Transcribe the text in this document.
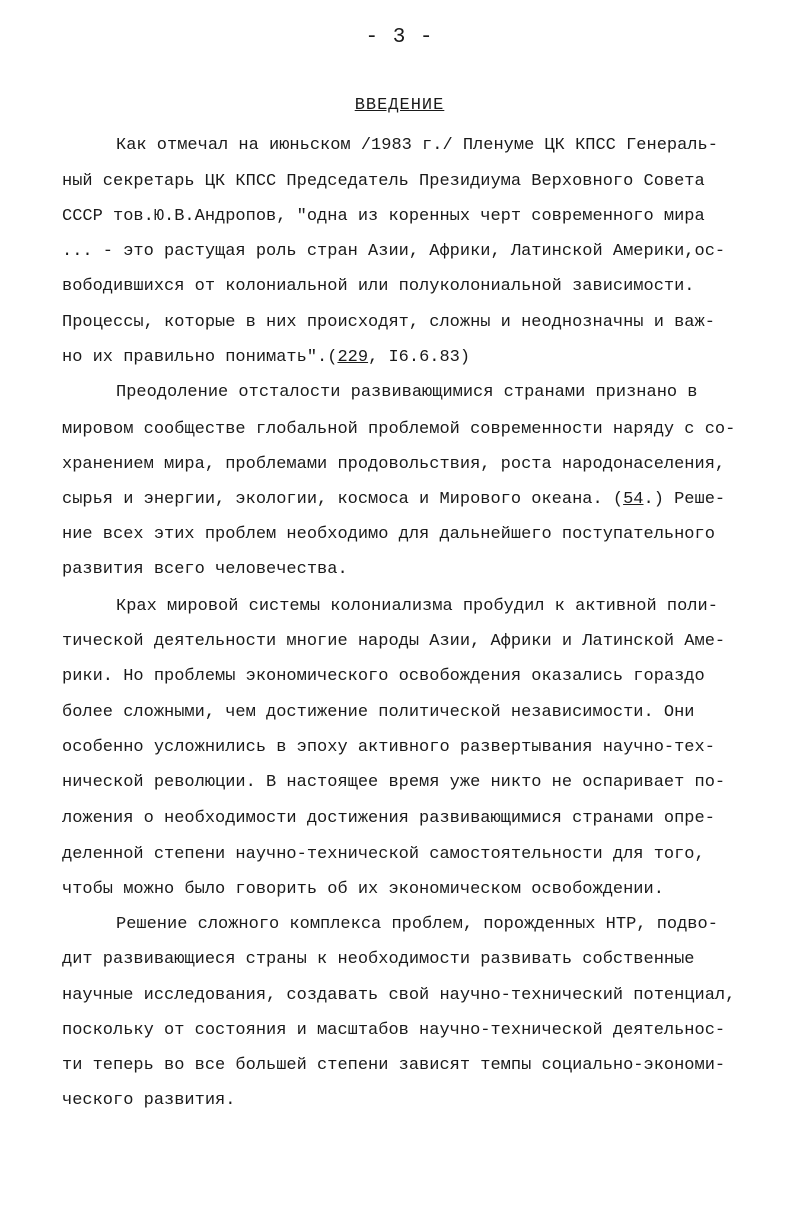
- 3 -
ВВЕДЕНИЕ
Как отмечал на июньском /1983 г./ Пленуме ЦК КПСС Генераль-
ный секретарь ЦК КПСС Председатель Президиума Верховного Совета
СССР тов.Ю.В.Андропов, "одна из коренных черт современного мира
... - это растущая роль стран Азии, Африки, Латинской Америки,ос-
вободившихся от колониальной или полуколониальной зависимости.
Процессы, которые в них происходят, сложны и неоднозначны и важ-
но их правильно понимать".(229, I6.6.83)
Преодоление отсталости развивающимися странами признано в
мировом сообществе глобальной проблемой современности наряду с со-
хранением мира, проблемами продовольствия, роста народонаселения,
сырья и энергии, экологии, космоса и Мирового океана. (54.) Реше-
ние всех этих проблем необходимо для дальнейшего поступательного
развития всего человечества.
Крах мировой системы колониализма пробудил к активной поли-
тической деятельности многие народы Азии, Африки и Латинской Аме-
рики. Но проблемы экономического освобождения оказались гораздо
более сложными, чем достижение политической независимости. Они
особенно усложнились в эпоху активного развертывания научно-тех-
нической революции. В настоящее время уже никто не оспаривает по-
ложения о необходимости достижения развивающимися странами опре-
деленной степени научно-технической самостоятельности для того,
чтобы можно было говорить об их экономическом освобождении.
Решение сложного комплекса проблем, порожденных НТР, подво-
дит развивающиеся страны к необходимости развивать собственные
научные исследования, создавать свой научно-технический потенциал,
поскольку от состояния и масштабов научно-технической деятельнос-
ти теперь во все большей степени зависят темпы социально-экономи-
ческого развития.
